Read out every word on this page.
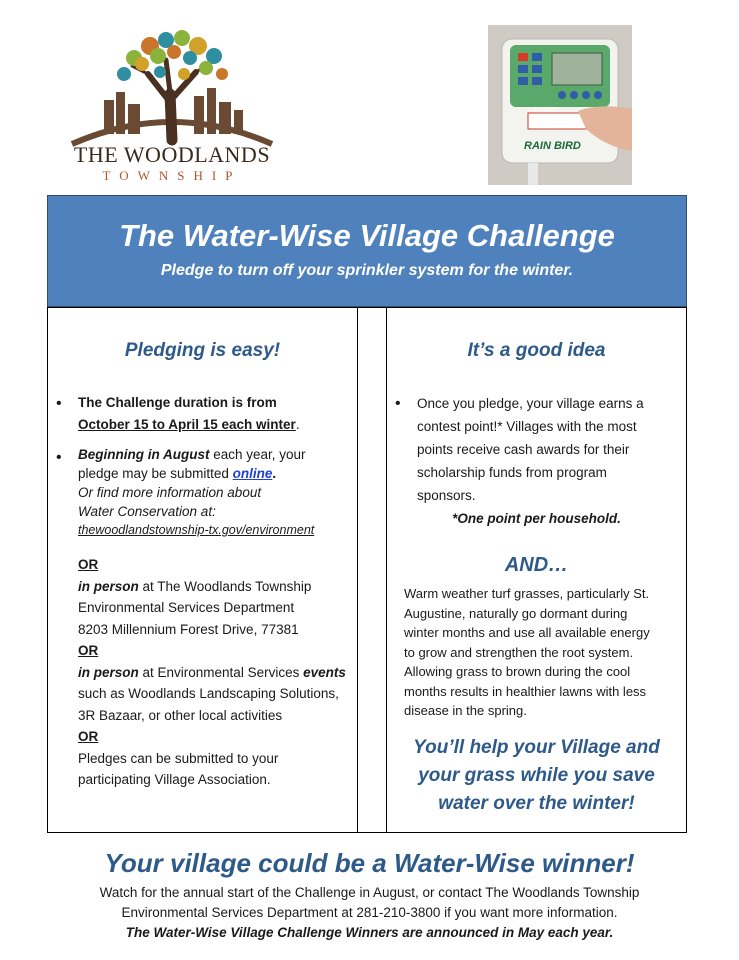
THE WOODLANDS
TOWNSHIP
RAIN BIRD
ESP-RZX
The Water-Wise Village Challenge
Pledge to turn off your sprinkler system for the winter.
Pledging is easy!
• The Challenge duration is from
October 15 to April 15 each winter.
• Beginning in August each year, your
pledge may be submitted online.
Or find more information about
Water Conservation at:
thewoodlandstownship-tx.gov/environment
OR
in person at The Woodlands Township
Environmental Services Department
8203 Millennium Forest Drive, 77381
OR
in person at Environmental Services events
such as Woodlands Landscaping Solutions,
3R Bazaar, or other local activities
OR
Pledges can be submitted to your
participating Village Association.
It’s a good idea
• Once you pledge, your village earns a
contest point!* Villages with the most
points receive cash awards for their
scholarship funds from program
sponsors.
*One point per household.
AND…
Warm weather turf grasses, particularly St.
Augustine, naturally go dormant during
winter months and use all available energy
to grow and strengthen the root system.
Allowing grass to brown during the cool
months results in healthier lawns with less
disease in the spring.
You’ll help your Village and
your grass while you save
water over the winter!
Your village could be a Water-Wise winner!
Watch for the annual start of the Challenge in August, or contact The Woodlands Township
Environmental Services Department at 281-210-3800 if you want more information.
The Water-Wise Village Challenge Winners are announced in May each year.
